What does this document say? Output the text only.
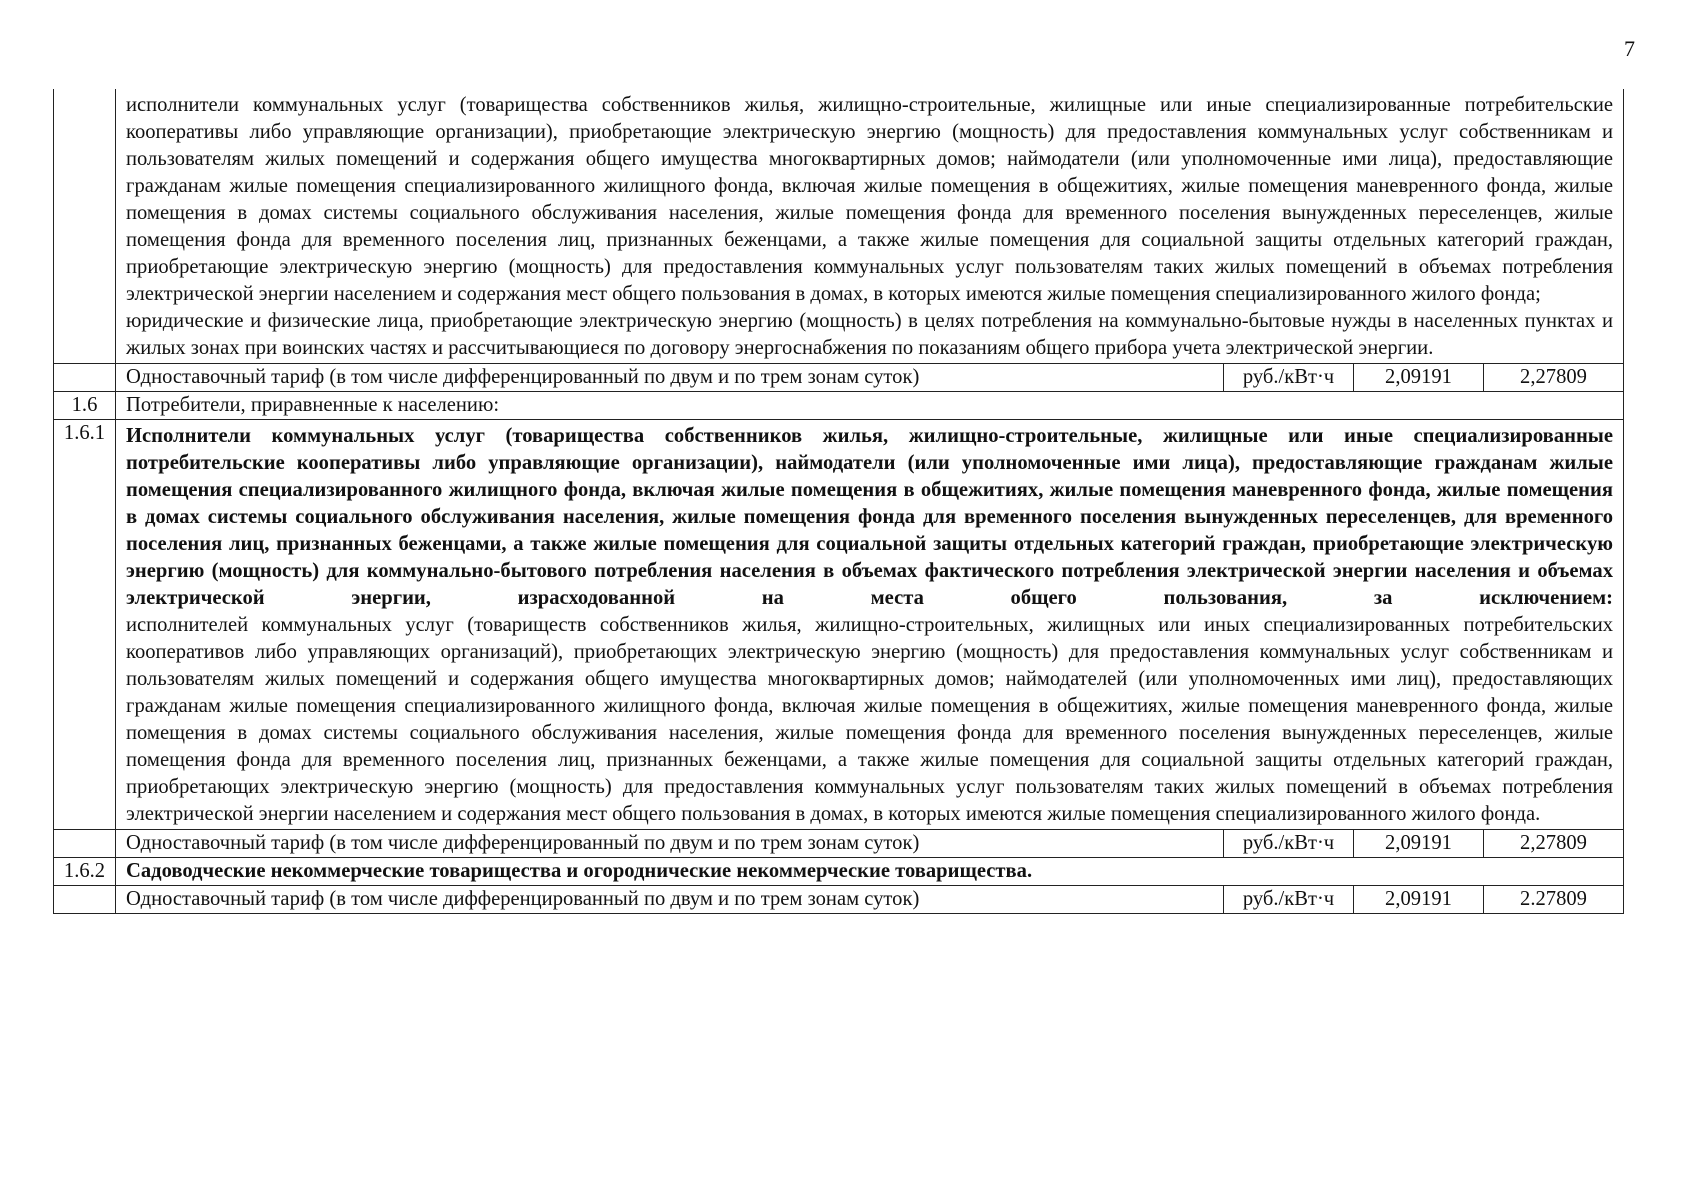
7

	исполнители коммунальных услуг (товарищества собственников жилья, жилищно-строительные, жилищные или иные специализированные потребительские кооперативы либо управляющие организации), приобретающие электрическую энергию (мощность) для предоставления коммунальных услуг собственникам и пользователям жилых помещений и содержания общего имущества многоквартирных домов; наймодатели (или уполномоченные ими лица), предоставляющие гражданам жилые помещения специализированного жилищного фонда, включая жилые помещения в общежитиях, жилые помещения маневренного фонда, жилые помещения в домах системы социального обслуживания населения, жилые помещения фонда для временного поселения вынужденных переселенцев, жилые помещения фонда для временного поселения лиц, признанных беженцами, а также жилые помещения для социальной защиты отдельных категорий граждан, приобретающие электрическую энергию (мощность) для предоставления коммунальных услуг пользователям таких жилых помещений в объемах потребления электрической энергии населением и содержания мест общего пользования в домах, в которых имеются жилые помещения специализированного жилого фонда;

юридические и физические лица, приобретающие электрическую энергию (мощность) в целях потребления на коммунально-бытовые нужды в населенных пунктах и жилых зонах при воинских частях и рассчитывающиеся по договору энергоснабжения по показаниям общего прибора учета электрической энергии.			

	Одноставочный тариф (в том числе дифференцированный по двум и по трем зонам суток)	руб./кВт·ч	2,09191	2,27809
1.6	Потребители, приравненные к населению:			
1.6.1	Исполнители коммунальных услуг (товарищества собственников жилья, жилищно-строительные, жилищные или иные специализированные потребительские кооперативы либо управляющие организации), наймодатели (или уполномоченные ими лица), предоставляющие гражданам жилые помещения специализированного жилищного фонда, включая жилые помещения в общежитиях, жилые помещения маневренного фонда, жилые помещения в домах системы социального обслуживания населения, жилые помещения фонда для временного поселения вынужденных переселенцев, для временного поселения лиц, признанных беженцами, а также жилые помещения для социальной защиты отдельных категорий граждан, приобретающие электрическую энергию (мощность) для коммунально-бытового потребления населения в объемах фактического потребления электрической энергии населения и объемах электрической энергии, израсходованной на места общего пользования, за исключением:

исполнителей коммунальных услуг (товариществ собственников жилья, жилищно-строительных, жилищных или иных специализированных потребительских кооперативов либо управляющих организаций), приобретающих электрическую энергию (мощность) для предоставления коммунальных услуг собственникам и пользователям жилых помещений и содержания общего имущества многоквартирных домов; наймодателей (или уполномоченных ими лиц), предоставляющих гражданам жилые помещения специализированного жилищного фонда, включая жилые помещения в общежитиях, жилые помещения маневренного фонда, жилые помещения в домах системы социального обслуживания населения, жилые помещения фонда для временного поселения вынужденных переселенцев, жилые помещения фонда для временного поселения лиц, признанных беженцами, а также жилые помещения для социальной защиты отдельных категорий граждан, приобретающих электрическую энергию (мощность) для предоставления коммунальных услуг пользователям таких жилых помещений в объемах потребления электрической энергии населением и содержания мест общего пользования в домах, в которых имеются жилые помещения специализированного жилого фонда.			

	Одноставочный тариф (в том числе дифференцированный по двум и по трем зонам суток)	руб./кВт·ч	2,09191	2,27809
1.6.2	Садоводческие некоммерческие товарищества и огороднические некоммерческие товарищества.			
	Одноставочный тариф (в том числе дифференцированный по двум и по трем зонам суток)	руб./кВт·ч	2,09191	2.27809
